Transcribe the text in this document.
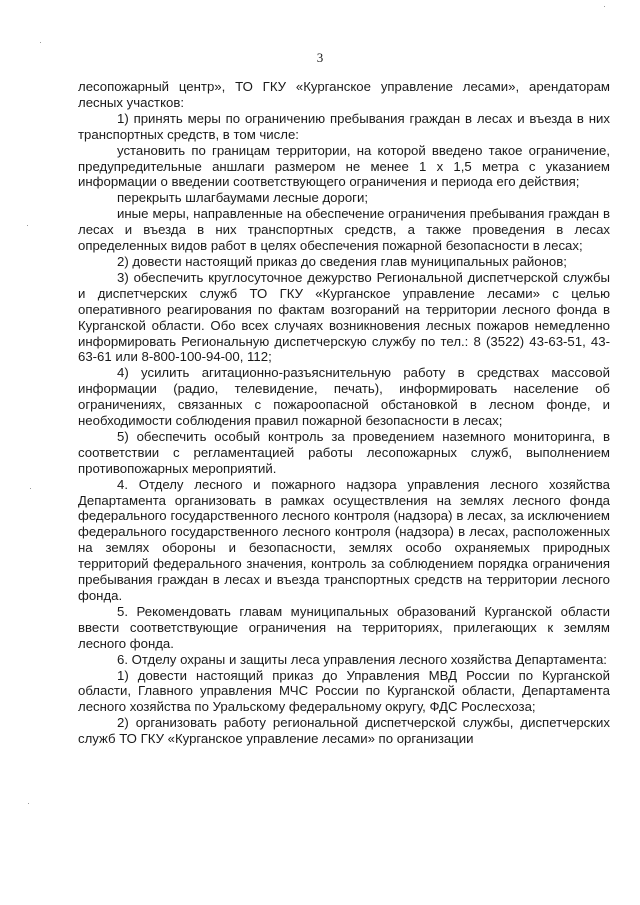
3

лесопожарный центр», ТО ГКУ «Курганское управление лесами», арендаторам лесных участков:

1) принять меры по ограничению пребывания граждан в лесах и въезда в них транспортных средств, в том числе:

установить по границам территории, на которой введено такое ограничение, предупредительные аншлаги размером не менее 1 х 1,5 метра с указанием информации о введении соответствующего ограничения и периода его действия;

перекрыть шлагбаумами лесные дороги;

иные меры, направленные на обеспечение ограничения пребывания граждан в лесах и въезда в них транспортных средств, а также проведения в лесах определенных видов работ в целях обеспечения пожарной безопасности в лесах;

2) довести настоящий приказ до сведения глав муниципальных районов;

3) обеспечить круглосуточное дежурство Региональной диспетчерской службы и диспетчерских служб ТО ГКУ «Курганское управление лесами» с целью оперативного реагирования по фактам возгораний на территории лесного фонда в Курганской области. Обо всех случаях возникновения лесных пожаров немедленно информировать Региональную диспетчерскую службу по тел.: 8 (3522) 43-63-51, 43-63-61 или 8-800-100-94-00, 112;

4) усилить агитационно-разъяснительную работу в средствах массовой информации (радио, телевидение, печать), информировать население об ограничениях, связанных с пожароопасной обстановкой в лесном фонде, и необходимости соблюдения правил пожарной безопасности в лесах;

5) обеспечить особый контроль за проведением наземного мониторинга, в соответствии с регламентацией работы лесопожарных служб, выполнением противопожарных мероприятий.

4. Отделу лесного и пожарного надзора управления лесного хозяйства Департамента организовать в рамках осуществления на землях лесного фонда федерального государственного лесного контроля (надзора) в лесах, за исключением федерального государственного лесного контроля (надзора) в лесах, расположенных на землях обороны и безопасности, землях особо охраняемых природных территорий федерального значения, контроль за соблюдением порядка ограничения пребывания граждан в лесах и въезда транспортных средств на территории лесного фонда.

5. Рекомендовать главам муниципальных образований Курганской области ввести соответствующие ограничения на территориях, прилегающих к землям лесного фонда.

6. Отделу охраны и защиты леса управления лесного хозяйства Департамента:

1) довести настоящий приказ до Управления МВД России по Курганской области, Главного управления МЧС России по Курганской области, Департамента лесного хозяйства по Уральскому федеральному округу, ФДС Рослесхоза;

2) организовать работу региональной диспетчерской службы, диспетчерских служб ТО ГКУ «Курганское управление лесами» по организации
